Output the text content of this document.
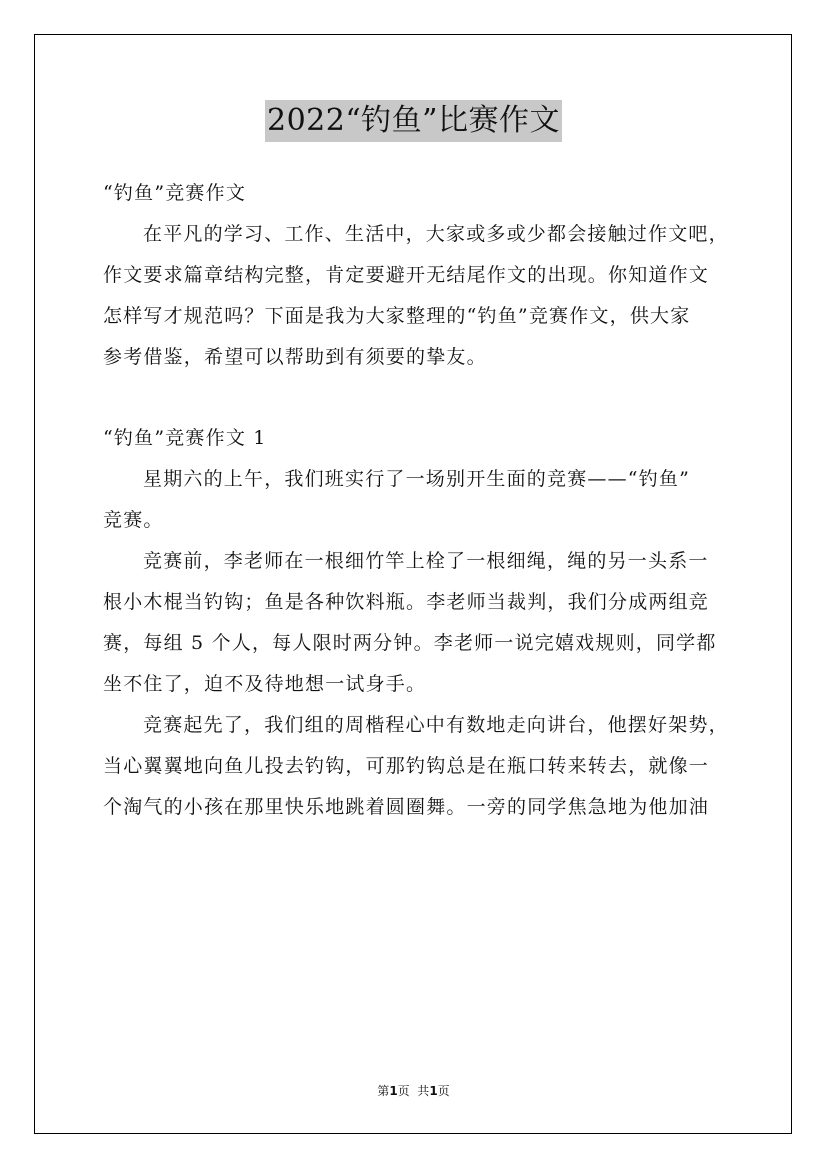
2022“钓鱼”比赛作文
“钓鱼”竞赛作文
在平凡的学习、工作、生活中，大家或多或少都会接触过作文吧，
作文要求篇章结构完整，肯定要避开无结尾作文的出现。你知道作文
怎样写才规范吗？下面是我为大家整理的“钓鱼”竞赛作文，供大家
参考借鉴，希望可以帮助到有须要的挚友。
“钓鱼”竞赛作文 1
星期六的上午，我们班实行了一场别开生面的竞赛——“钓鱼”
竞赛。
竞赛前，李老师在一根细竹竿上栓了一根细绳，绳的另一头系一
根小木棍当钓钩；鱼是各种饮料瓶。李老师当裁判，我们分成两组竞
赛，每组 5 个人，每人限时两分钟。李老师一说完嬉戏规则，同学都
坐不住了，迫不及待地想一试身手。
竞赛起先了，我们组的周楷程心中有数地走向讲台，他摆好架势，
当心翼翼地向鱼儿投去钓钩，可那钓钩总是在瓶口转来转去，就像一
个淘气的小孩在那里快乐地跳着圆圈舞。一旁的同学焦急地为他加油
第1页  共1页
